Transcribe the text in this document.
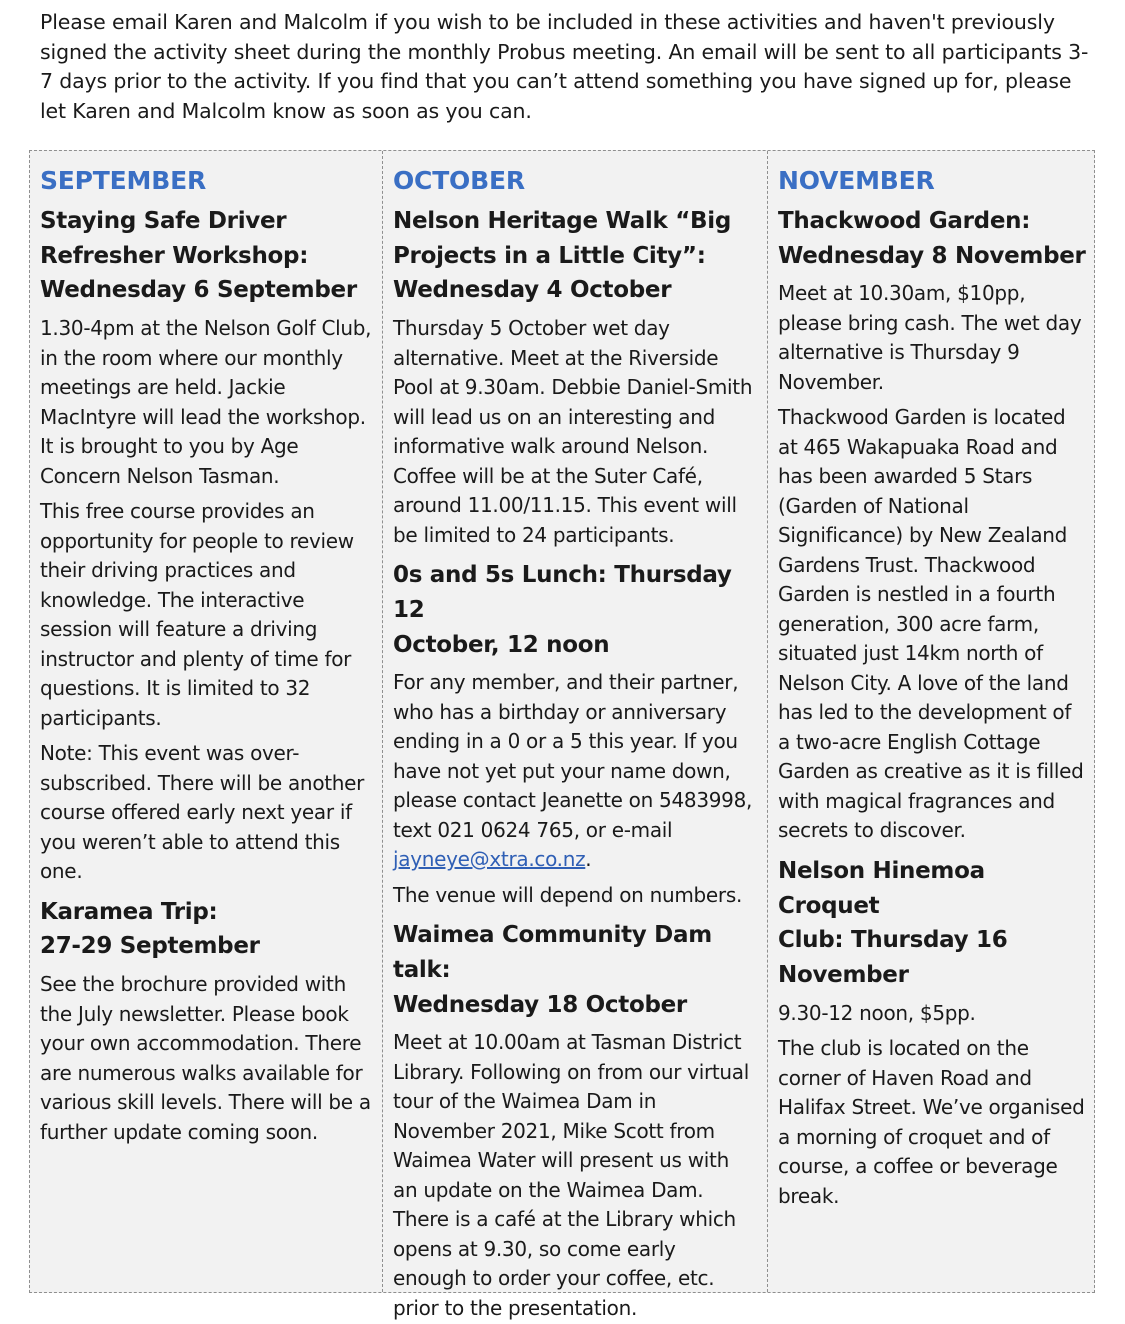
Please email Karen and Malcolm if you wish to be included in these activities and haven't previously signed the activity sheet during the monthly Probus meeting. An email will be sent to all participants 3-7 days prior to the activity. If you find that you can’t attend something you have signed up for, please let Karen and Malcolm know as soon as you can.

SEPTEMBER
Staying Safe Driver
Refresher Workshop:
Wednesday 6 September

1.30-4pm at the Nelson Golf Club, in the room where our monthly meetings are held. Jackie MacIntyre will lead the workshop. It is brought to you by Age Concern Nelson Tasman.

This free course provides an opportunity for people to review their driving practices and knowledge. The interactive session will feature a driving instructor and plenty of time for questions. It is limited to 32 participants.

Note: This event was over-subscribed. There will be another course offered early next year if you weren’t able to attend this one.

Karamea Trip:
27-29 September

See the brochure provided with the July newsletter. Please book your own accommodation. There are numerous walks available for various skill levels. There will be a further update coming soon.

OCTOBER
Nelson Heritage Walk “Big
Projects in a Little City”:
Wednesday 4 October

Thursday 5 October wet day alternative. Meet at the Riverside Pool at 9.30am. Debbie Daniel-Smith will lead us on an interesting and informative walk around Nelson. Coffee will be at the Suter Café, around 11.00/11.15. This event will be limited to 24 participants.

0s and 5s Lunch: Thursday 12
October, 12 noon

For any member, and their partner, who has a birthday or anniversary ending in a 0 or a 5 this year. If you have not yet put your name down, please contact Jeanette on 5483998, text 021 0624 765, or e-mail jayneye@xtra.co.nz.

The venue will depend on numbers.

Waimea Community Dam talk:
Wednesday 18 October

Meet at 10.00am at Tasman District Library. Following on from our virtual tour of the Waimea Dam in November 2021, Mike Scott from Waimea Water will present us with an update on the Waimea Dam. There is a café at the Library which opens at 9.30, so come early enough to order your coffee, etc. prior to the presentation.

NOVEMBER
Thackwood Garden:
Wednesday 8 November

Meet at 10.30am, $10pp, please bring cash. The wet day alternative is Thursday 9 November.

Thackwood Garden is located at 465 Wakapuaka Road and has been awarded 5 Stars (Garden of National Significance) by New Zealand Gardens Trust. Thackwood Garden is nestled in a fourth generation, 300 acre farm, situated just 14km north of Nelson City. A love of the land has led to the development of a two-acre English Cottage Garden as creative as it is filled with magical fragrances and secrets to discover.

Nelson Hinemoa Croquet
Club: Thursday 16
November

9.30-12 noon, $5pp.

The club is located on the corner of Haven Road and Halifax Street. We’ve organised a morning of croquet and of course, a coffee or beverage break.
